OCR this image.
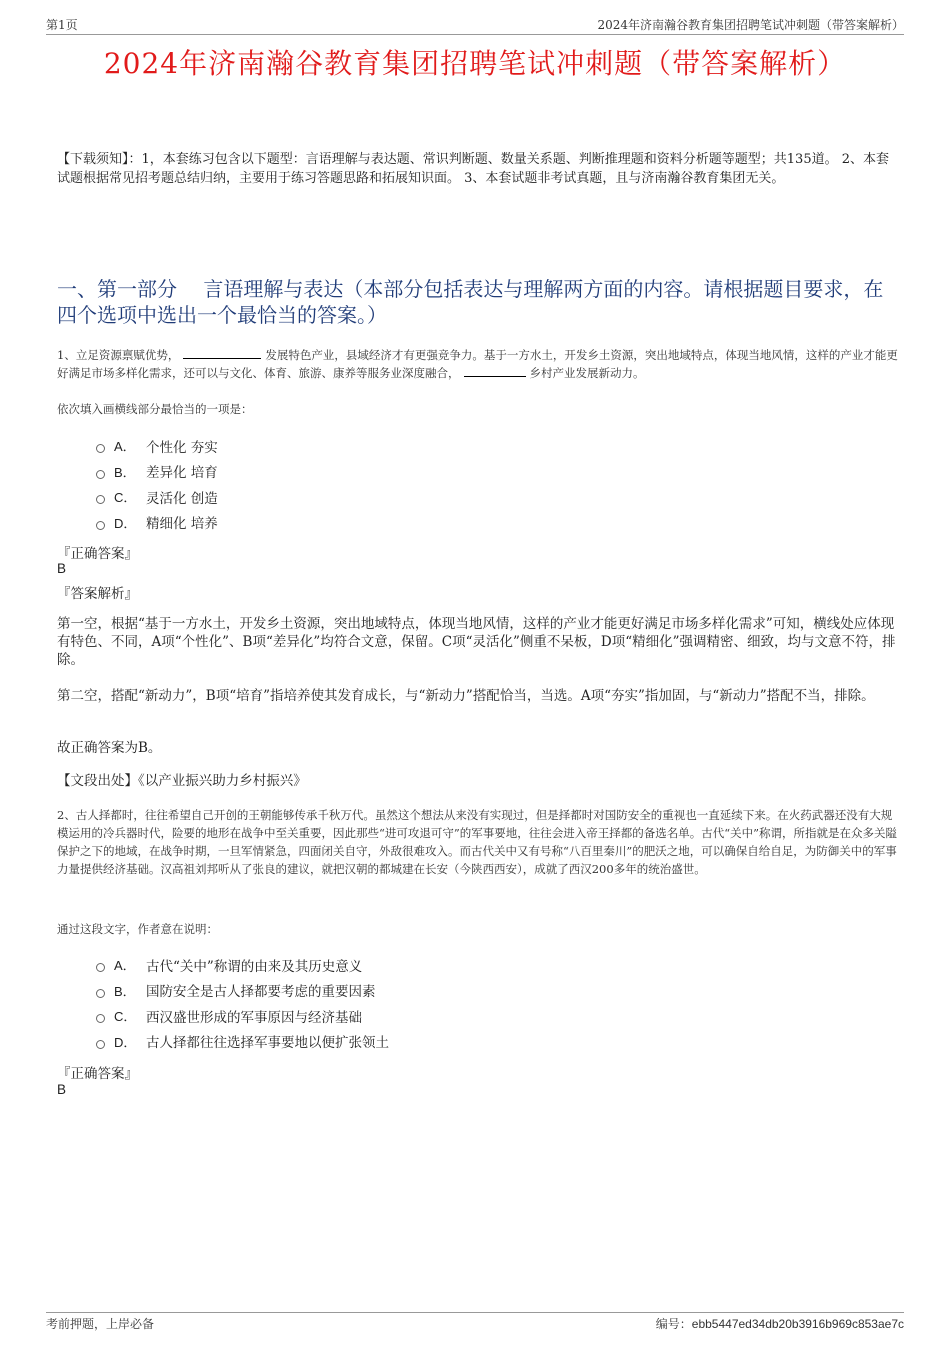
第1页	2024年济南瀚谷教育集团招聘笔试冲刺题（带答案解析）
2024年济南瀚谷教育集团招聘笔试冲刺题（带答案解析）
【下载须知】：1，本套练习包含以下题型：言语理解与表达题、常识判断题、数量关系题、判断推理题和资料分析题等题型；共135道。 2、本套试题根据常见招考题总结归纳，主要用于练习答题思路和拓展知识面。 3、本套试题非考试真题，且与济南瀚谷教育集团无关。
一、第一部分　 言语理解与表达（本部分包括表达与理解两方面的内容。请根据题目要求，在四个选项中选出一个最恰当的答案。）
1、立足资源禀赋优势，	发展特色产业，县域经济才有更强竞争力。基于一方水土，开发乡土资源，突出地域特点，体现当地风情，这样的产业才能更好满足市场多样化需求，还可以与文化、体育、旅游、康养等服务业深度融合，	乡村产业发展新动力。
依次填入画横线部分最恰当的一项是：
A． 个性化 夯实
B． 差异化 培育
C． 灵活化 创造
D． 精细化 培养
『正确答案』
B
『答案解析』

第一空，根据“基于一方水土，开发乡土资源，突出地域特点，体现当地风情，这样的产业才能更好满足市场多样化需求”可知，横线处应体现有特色、不同，A项“个性化”、B项“差异化”均符合文意，保留。C项“灵活化”侧重不呆板，D项“精细化”强调精密、细致，均与文意不符，排除。

第二空，搭配“新动力”，B项“培育”指培养使其发育成长，与“新动力”搭配恰当，当选。A项“夯实”指加固，与“新动力”搭配不当，排除。

故正确答案为B。

【文段出处】《以产业振兴助力乡村振兴》

2、古人择都时，往往希望自己开创的王朝能够传承千秋万代。虽然这个想法从来没有实现过，但是择都时对国防安全的重视也一直延续下来。在火药武器还没有大规模运用的冷兵器时代，险要的地形在战争中至关重要，因此那些“进可攻退可守”的军事要地，往往会进入帝王择都的备选名单。古代“关中”称谓，所指就是在众多关隘保护之下的地域，在战争时期，一旦军情紧急，四面闭关自守，外敌很难攻入。而古代关中又有号称“八百里秦川”的肥沃之地，可以确保自给自足，为防御关中的军事力量提供经济基础。汉高祖刘邦听从了张良的建议，就把汉朝的都城建在长安（今陕西西安），成就了西汉200多年的统治盛世。
通过这段文字，作者意在说明：
A． 古代“关中”称谓的由来及其历史意义
B． 国防安全是古人择都要考虑的重要因素
C． 西汉盛世形成的军事原因与经济基础
D． 古人择都往往选择军事要地以便扩张领土
『正确答案』
B
考前押题，上岸必备	编号：ebb5447ed34db20b3916b969c853ae7c
